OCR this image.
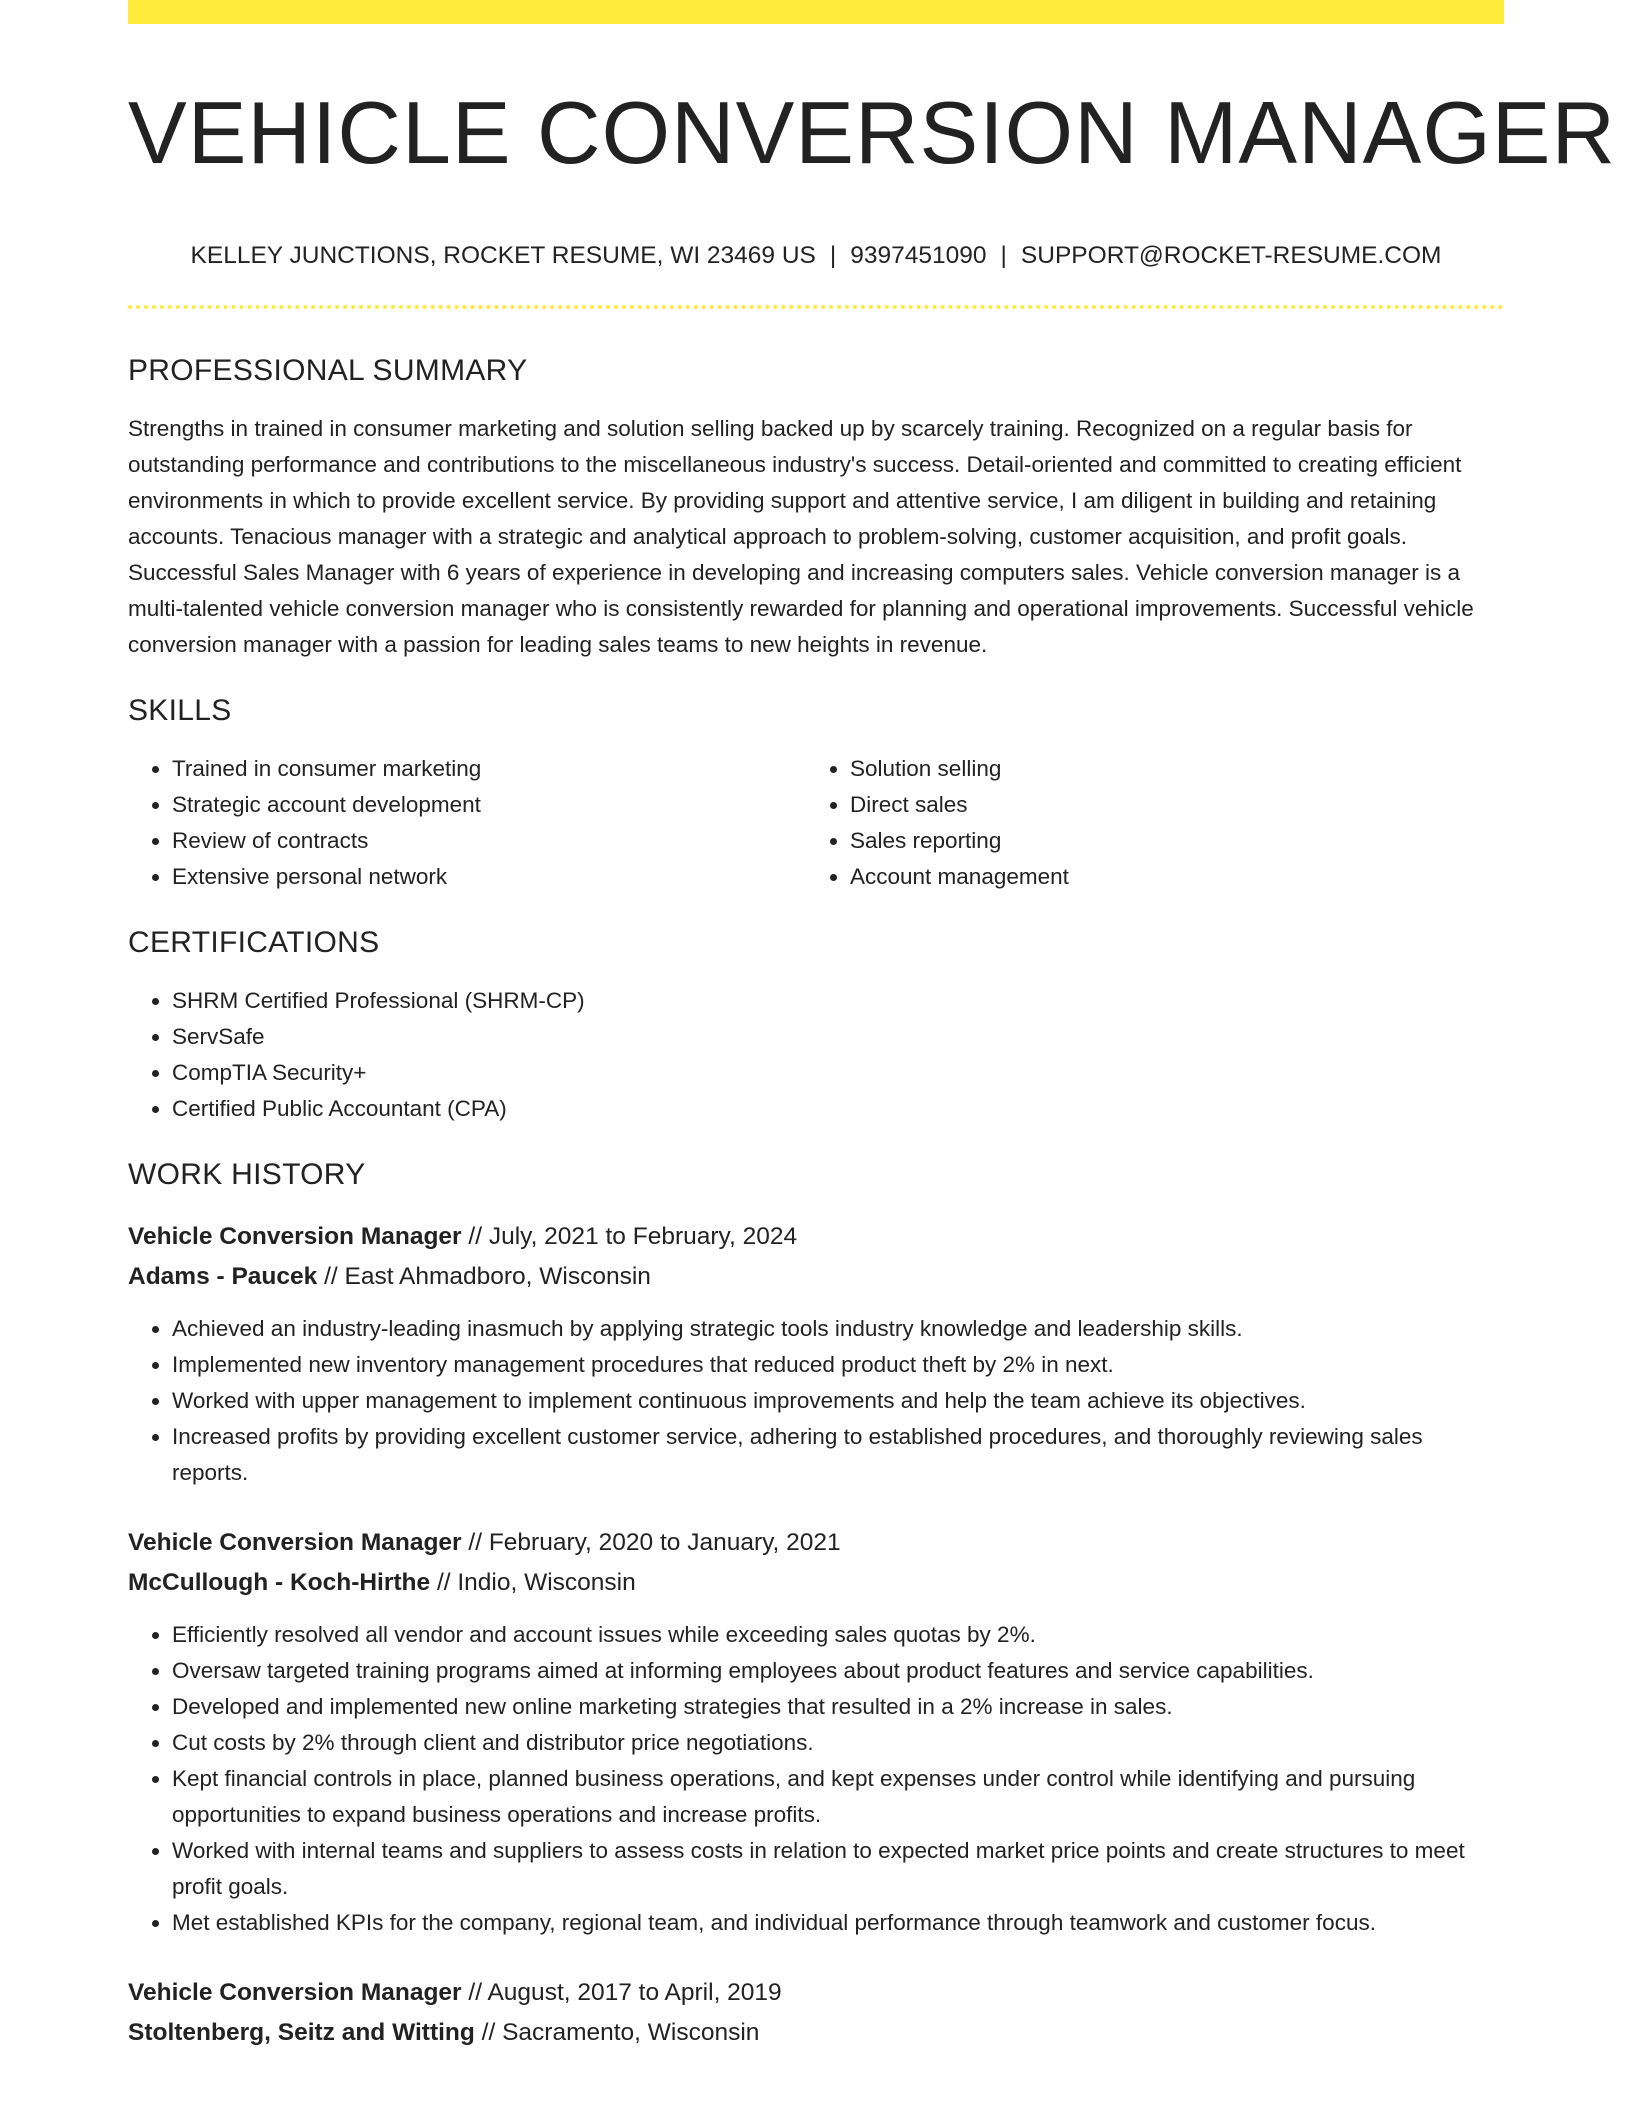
VEHICLE CONVERSION MANAGER
KELLEY JUNCTIONS, ROCKET RESUME, WI 23469 US | 9397451090 | SUPPORT@ROCKET-RESUME.COM
PROFESSIONAL SUMMARY

Strengths in trained in consumer marketing and solution selling backed up by scarcely training. Recognized on a regular basis for outstanding performance and contributions to the miscellaneous industry's success. Detail-oriented and committed to creating efficient environments in which to provide excellent service. By providing support and attentive service, I am diligent in building and retaining accounts. Tenacious manager with a strategic and analytical approach to problem-solving, customer acquisition, and profit goals. Successful Sales Manager with 6 years of experience in developing and increasing computers sales. Vehicle conversion manager is a multi-talented vehicle conversion manager who is consistently rewarded for planning and operational improvements. Successful vehicle conversion manager with a passion for leading sales teams to new heights in revenue.

SKILLS
• Trained in consumer marketing
• Strategic account development
• Review of contracts
• Extensive personal network
• Solution selling
• Direct sales
• Sales reporting
• Account management
CERTIFICATIONS
• SHRM Certified Professional (SHRM-CP)
• ServSafe
• CompTIA Security+
• Certified Public Accountant (CPA)
WORK HISTORY
Vehicle Conversion Manager // July, 2021 to February, 2024
Adams - Paucek // East Ahmadboro, Wisconsin
• Achieved an industry-leading inasmuch by applying strategic tools industry knowledge and leadership skills.
• Implemented new inventory management procedures that reduced product theft by 2% in next.
• Worked with upper management to implement continuous improvements and help the team achieve its objectives.
• Increased profits by providing excellent customer service, adhering to established procedures, and thoroughly reviewing sales reports.
Vehicle Conversion Manager // February, 2020 to January, 2021
McCullough - Koch-Hirthe // Indio, Wisconsin
• Efficiently resolved all vendor and account issues while exceeding sales quotas by 2%.
• Oversaw targeted training programs aimed at informing employees about product features and service capabilities.
• Developed and implemented new online marketing strategies that resulted in a 2% increase in sales.
• Cut costs by 2% through client and distributor price negotiations.
• Kept financial controls in place, planned business operations, and kept expenses under control while identifying and pursuing opportunities to expand business operations and increase profits.
• Worked with internal teams and suppliers to assess costs in relation to expected market price points and create structures to meet profit goals.
• Met established KPIs for the company, regional team, and individual performance through teamwork and customer focus.
Vehicle Conversion Manager // August, 2017 to April, 2019
Stoltenberg, Seitz and Witting // Sacramento, Wisconsin
